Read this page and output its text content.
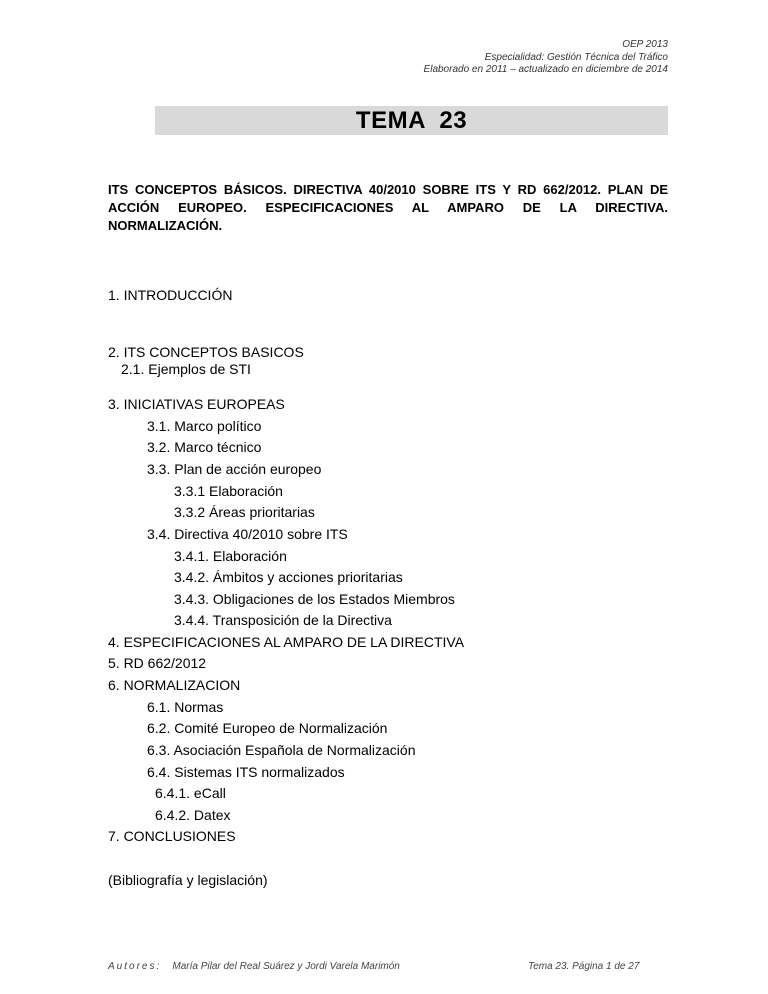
OEP 2013
Especialidad: Gestión Técnica del Tráfico
Elaborado en 2011 – actualizado en diciembre de 2014
TEMA  23
ITS CONCEPTOS BÁSICOS. DIRECTIVA 40/2010 SOBRE ITS Y RD 662/2012. PLAN DE ACCIÓN EUROPEO. ESPECIFICACIONES AL AMPARO DE LA DIRECTIVA. NORMALIZACIÓN.
1. INTRODUCCIÓN
2. ITS CONCEPTOS BASICOS
2.1. Ejemplos de STI
3. INICIATIVAS EUROPEAS
3.1. Marco político
3.2. Marco técnico
3.3. Plan de acción europeo
3.3.1 Elaboración
3.3.2 Áreas prioritarias
3.4. Directiva 40/2010 sobre ITS
3.4.1. Elaboración
3.4.2. Ámbitos y acciones prioritarias
3.4.3. Obligaciones de los Estados Miembros
3.4.4. Transposición de la Directiva
4. ESPECIFICACIONES AL AMPARO DE LA DIRECTIVA
5. RD 662/2012
6. NORMALIZACION
6.1. Normas
6.2. Comité Europeo de Normalización
6.3. Asociación Española de Normalización
6.4. Sistemas ITS normalizados
6.4.1. eCall
6.4.2. Datex
7. CONCLUSIONES
(Bibliografía y legislación)
Autores: María Pilar del Real Suárez y Jordi Varela Marimón	Tema 23. Página 1 de 27
